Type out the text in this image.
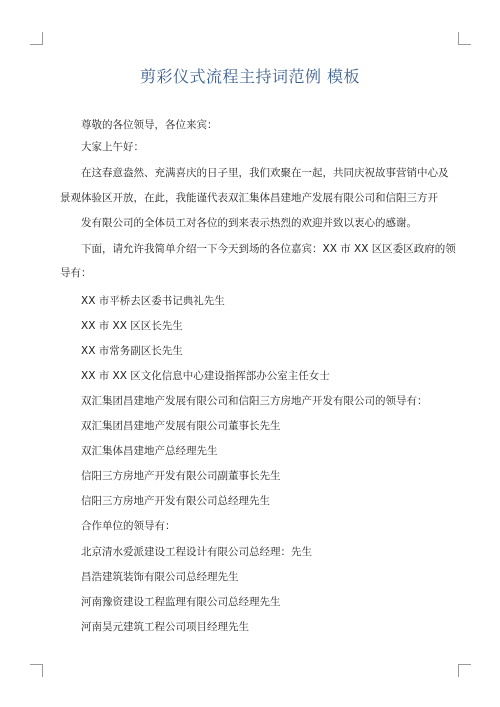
剪彩仪式流程主持词范例 模板
尊敬的各位领导，各位来宾：
大家上午好：
在这春意盎然、充满喜庆的日子里，我们欢聚在一起，共同庆祝故事营销中心及
景观体验区开放，在此，我能谨代表双汇集体昌建地产发展有限公司和信阳三方开
发有限公司的全体员工对各位的到来表示热烈的欢迎并致以衷心的感谢。
下面，请允许我简单介绍一下今天到场的各位嘉宾：XX 市 XX 区区委区政府的领
导有：
XX 市平桥去区委书记典礼先生
XX 市 XX 区区长先生
XX 市常务副区长先生
XX 市 XX 区文化信息中心建设指挥部办公室主任女士
双汇集团昌建地产发展有限公司和信阳三方房地产开发有限公司的领导有：
双汇集团昌建地产发展有限公司董事长先生
双汇集体昌建地产总经理先生
信阳三方房地产开发有限公司副董事长先生
信阳三方房地产开发有限公司总经理先生
合作单位的领导有：
北京清水爱派建设工程设计有限公司总经理：先生
昌浩建筑装饰有限公司总经理先生
河南豫资建设工程监理有限公司总经理先生
河南昊元建筑工程公司项目经理先生
